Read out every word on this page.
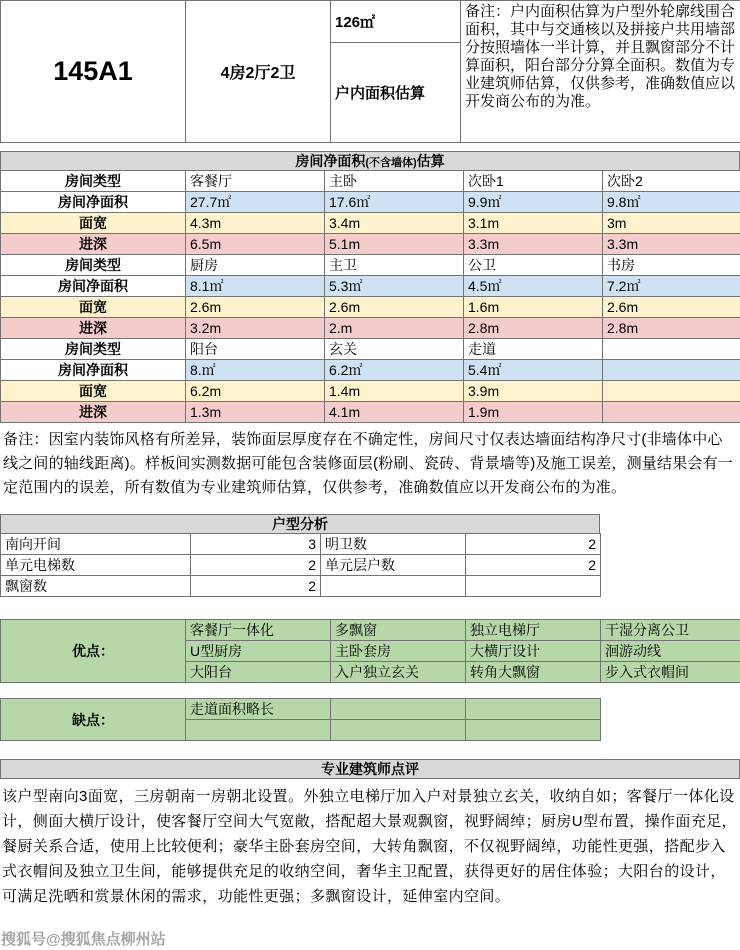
145A1	4房2厅2卫	126㎡	备注：户内面积估算为户型外轮廓线围合面积，其中与交通核以及拼接户共用墙部分按照墙体一半计算，并且飘窗部分不计算面积，阳台部分分算全面积。数值为专业建筑师估算，仅供参考，准确数值应以开发商公布的为准。
户内面积估算
房间净面积(不含墙体)估算
房间类型	客餐厅	主卧	次卧1	次卧2
房间净面积	27.7㎡	17.6㎡	9.9㎡	9.8㎡
面宽	4.3m	3.4m	3.1m	3m
进深	6.5m	5.1m	3.3m	3.3m
房间类型	厨房	主卫	公卫	书房
房间净面积	8.1㎡	5.3㎡	4.5㎡	7.2㎡
面宽	2.6m	2.6m	1.6m	2.6m
进深	3.2m	2.m	2.8m	2.8m
房间类型	阳台	玄关	走道	
房间净面积	8.㎡	6.2㎡	5.4㎡	
面宽	6.2m	1.4m	3.9m	
进深	1.3m	4.1m	1.9m	
备注：因室内装饰风格有所差异，装饰面层厚度存在不确定性，房间尺寸仅表达墙面结构净尺寸(非墙体中心线之间的轴线距离)。样板间实测数据可能包含装修面层(粉刷、瓷砖、背景墙等)及施工误差，测量结果会有一定范围内的误差，所有数值为专业建筑师估算，仅供参考，准确数值应以开发商公布的为准。
户型分析
南向开间	3	明卫数	2
单元电梯数	2	单元层户数	2
飘窗数	2		
优点：	客餐厅一体化	多飘窗	独立电梯厅	干湿分离公卫
	U型厨房	主卧套房	大横厅设计	洄游动线
	大阳台	入户独立玄关	转角大飘窗	步入式衣帽间
缺点：	走道面积略长		

专业建筑师点评
该户型南向3面宽，三房朝南一房朝北设置。外独立电梯厅加入户对景独立玄关，收纳自如；客餐厅一体化设计，侧面大横厅设计，使客餐厅空间大气宽敞，搭配超大景观飘窗，视野阔绰；厨房U型布置，操作面充足，餐厨关系合适，使用上比较便利；豪华主卧套房空间，大转角飘窗，不仅视野阔绰，功能性更强，搭配步入式衣帽间及独立卫生间，能够提供充足的收纳空间，奢华主卫配置，获得更好的居住体验；大阳台的设计，可满足洗晒和赏景休闲的需求，功能性更强；多飘窗设计，延伸室内空间。
搜狐号@搜狐焦点柳州站
